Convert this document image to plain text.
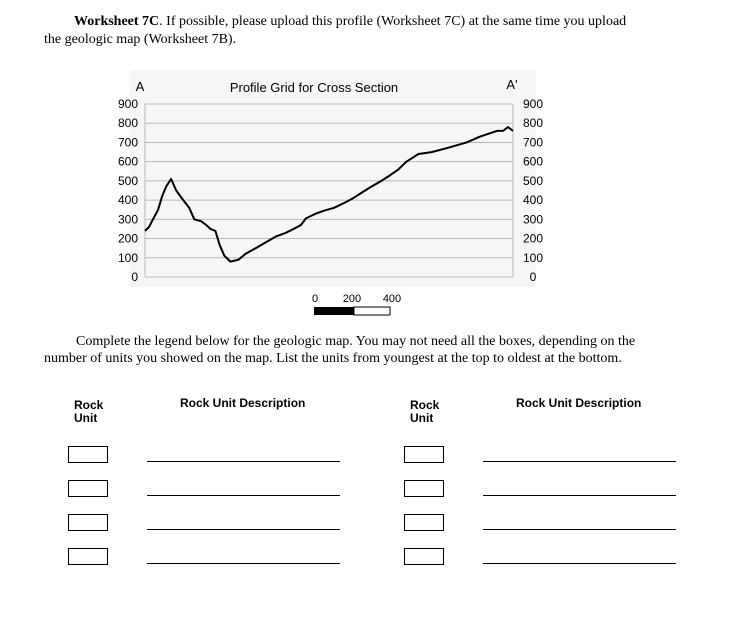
Worksheet 7C. If possible, please upload this profile (Worksheet 7C) at the same time you upload

the geologic map (Worksheet 7B).

900
800
700
600
500
400
300
200
100
0
900
800
700
600
500
400
300
200
100
0
A	A'
Profile Grid for Cross Section
0 200 400

Complete the legend below for the geologic map. You may not need all the boxes, depending on the

number of units you showed on the map. List the units from youngest at the top to oldest at the bottom.

Rock
Unit
Rock Unit Description	Rock
Unit
Rock Unit Description
